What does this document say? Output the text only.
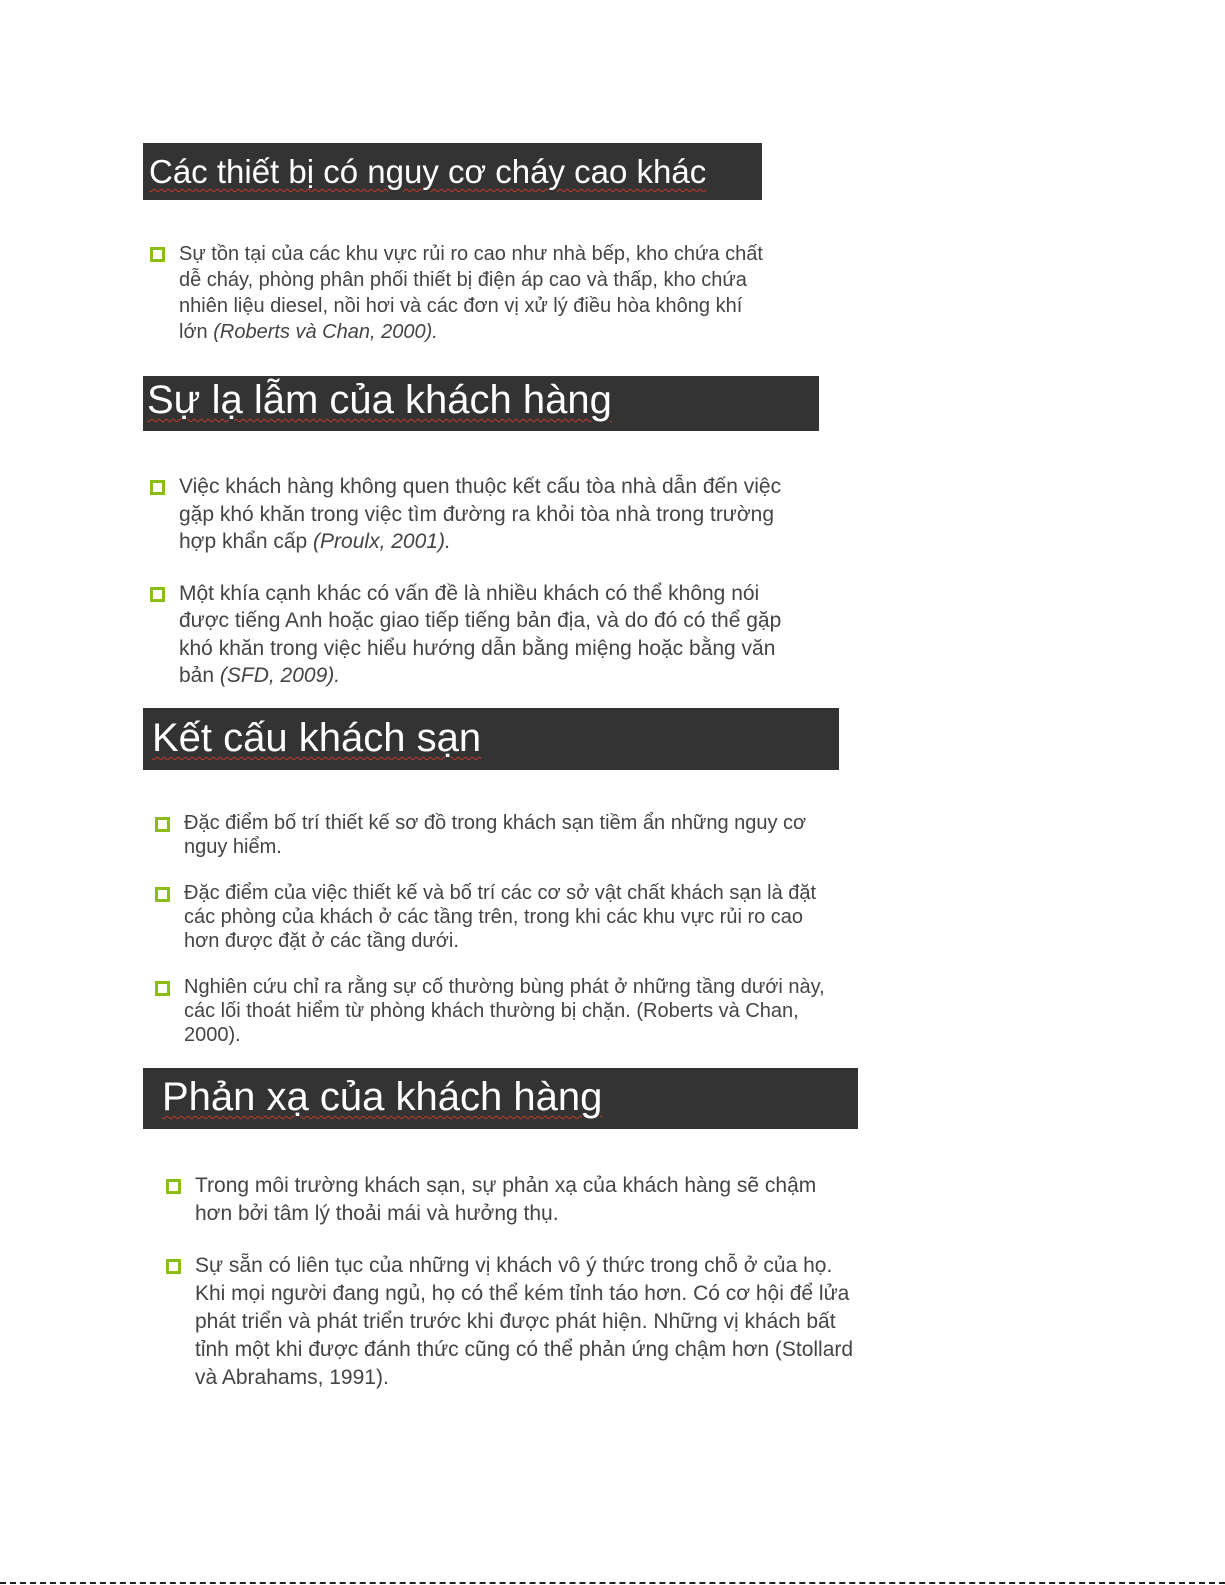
Các thiết bị có nguy cơ cháy cao khác
Sự tồn tại của các khu vực rủi ro cao như nhà bếp, kho chứa chất dễ cháy, phòng phân phối thiết bị điện áp cao và thấp, kho chứa nhiên liệu diesel, nồi hơi và các đơn vị xử lý điều hòa không khí lớn (Roberts và Chan, 2000).
Sự lạ lẫm của khách hàng
Việc khách hàng không quen thuộc kết cấu tòa nhà dẫn đến việc gặp khó khăn trong việc tìm đường ra khỏi tòa nhà trong trường hợp khẩn cấp (Proulx, 2001).
Một khía cạnh khác có vấn đề là nhiều khách có thể không nói được tiếng Anh hoặc giao tiếp tiếng bản địa, và do đó có thể gặp khó khăn trong việc hiểu hướng dẫn bằng miệng hoặc bằng văn bản (SFD, 2009).
Kết cấu khách sạn
Đặc điểm bố trí thiết kế sơ đồ trong khách sạn tiềm ẩn những nguy cơ nguy hiểm.
Đặc điểm của việc thiết kế và bố trí các cơ sở vật chất khách sạn là đặt các phòng của khách ở các tầng trên, trong khi các khu vực rủi ro cao hơn được đặt ở các tầng dưới.
Nghiên cứu chỉ ra rằng sự cố thường bùng phát ở những tầng dưới này, các lối thoát hiểm từ phòng khách thường bị chặn. (Roberts và Chan, 2000).
Phản xạ của khách hàng
Trong môi trường khách sạn, sự phản xạ của khách hàng sẽ chậm hơn bởi tâm lý thoải mái và hưởng thụ.
Sự sẵn có liên tục của những vị khách vô ý thức trong chỗ ở của họ. Khi mọi người đang ngủ, họ có thể kém tỉnh táo hơn. Có cơ hội để lửa phát triển và phát triển trước khi được phát hiện. Những vị khách bất tỉnh một khi được đánh thức cũng có thể phản ứng chậm hơn (Stollard và Abrahams, 1991).
